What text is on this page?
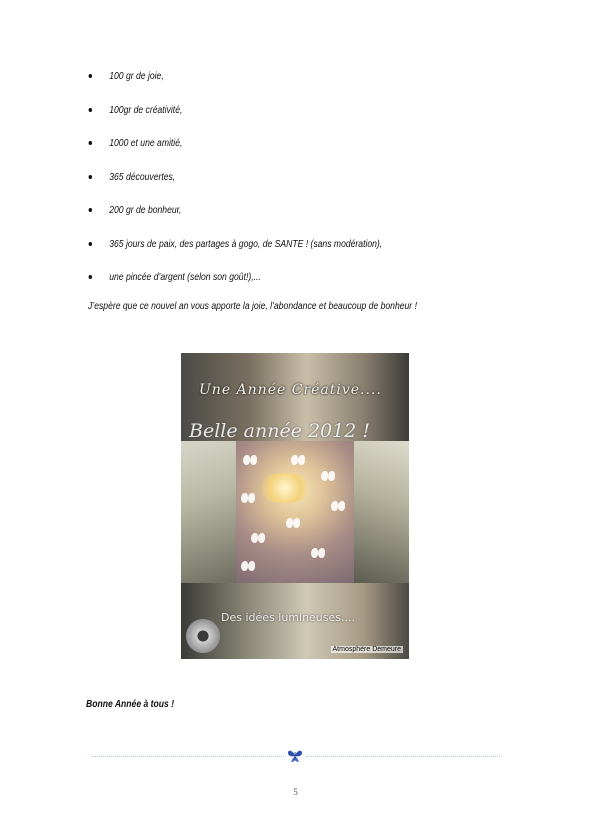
100 gr de joie,
100gr de créativité,
1000 et une amitié,
365 découvertes,
200 gr de bonheur,
365 jours de paix, des partages à gogo, de SANTE ! (sans modération),
une pincée d’argent (selon son goût!),...
J’espère que ce nouvel an vous apporte la joie, l’abondance et beaucoup de bonheur !
Une Année Créative....
Belle année 2012 !
Des idées lumineuses....
Atmosphère Demeure
Bonne Année à tous !
5
